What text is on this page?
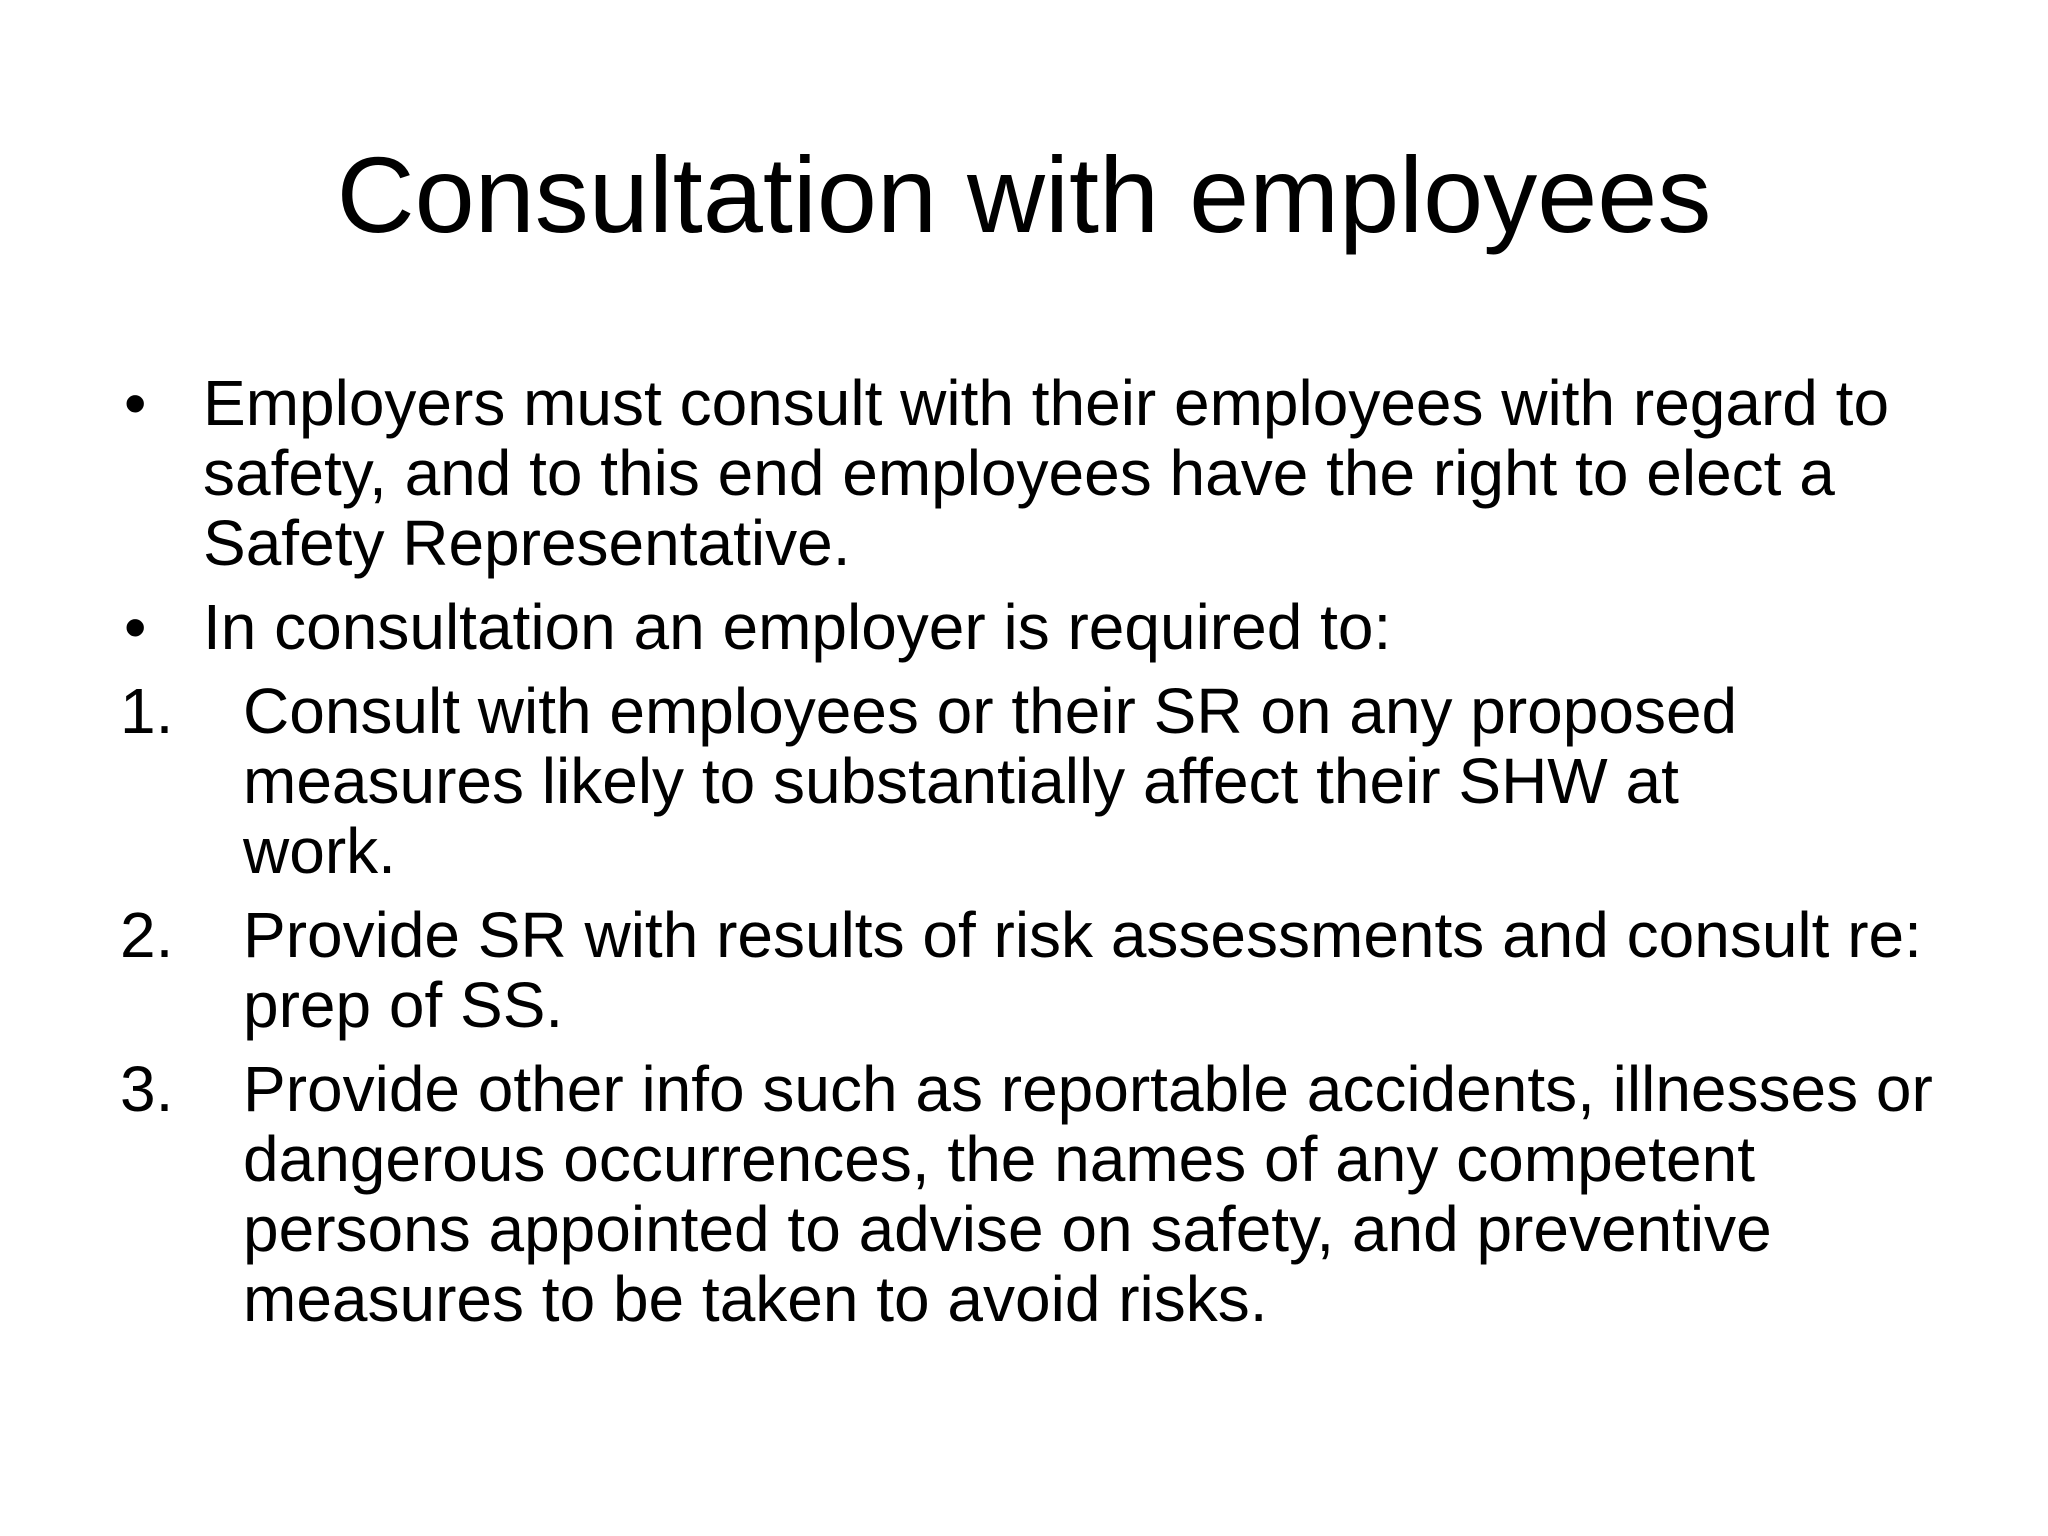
Consultation with employees
• Employers must consult with their employees with regard to safety, and to this end employees have the right to elect a Safety Representative.
• In consultation an employer is required to:
1. Consult with employees or their SR on any proposed measures likely to substantially affect their SHW at work.
2. Provide SR with results of risk assessments and consult re: prep of SS.
3. Provide other info such as reportable accidents, illnesses or dangerous occurrences, the names of any competent persons appointed to advise on safety, and preventive measures to be taken to avoid risks.
